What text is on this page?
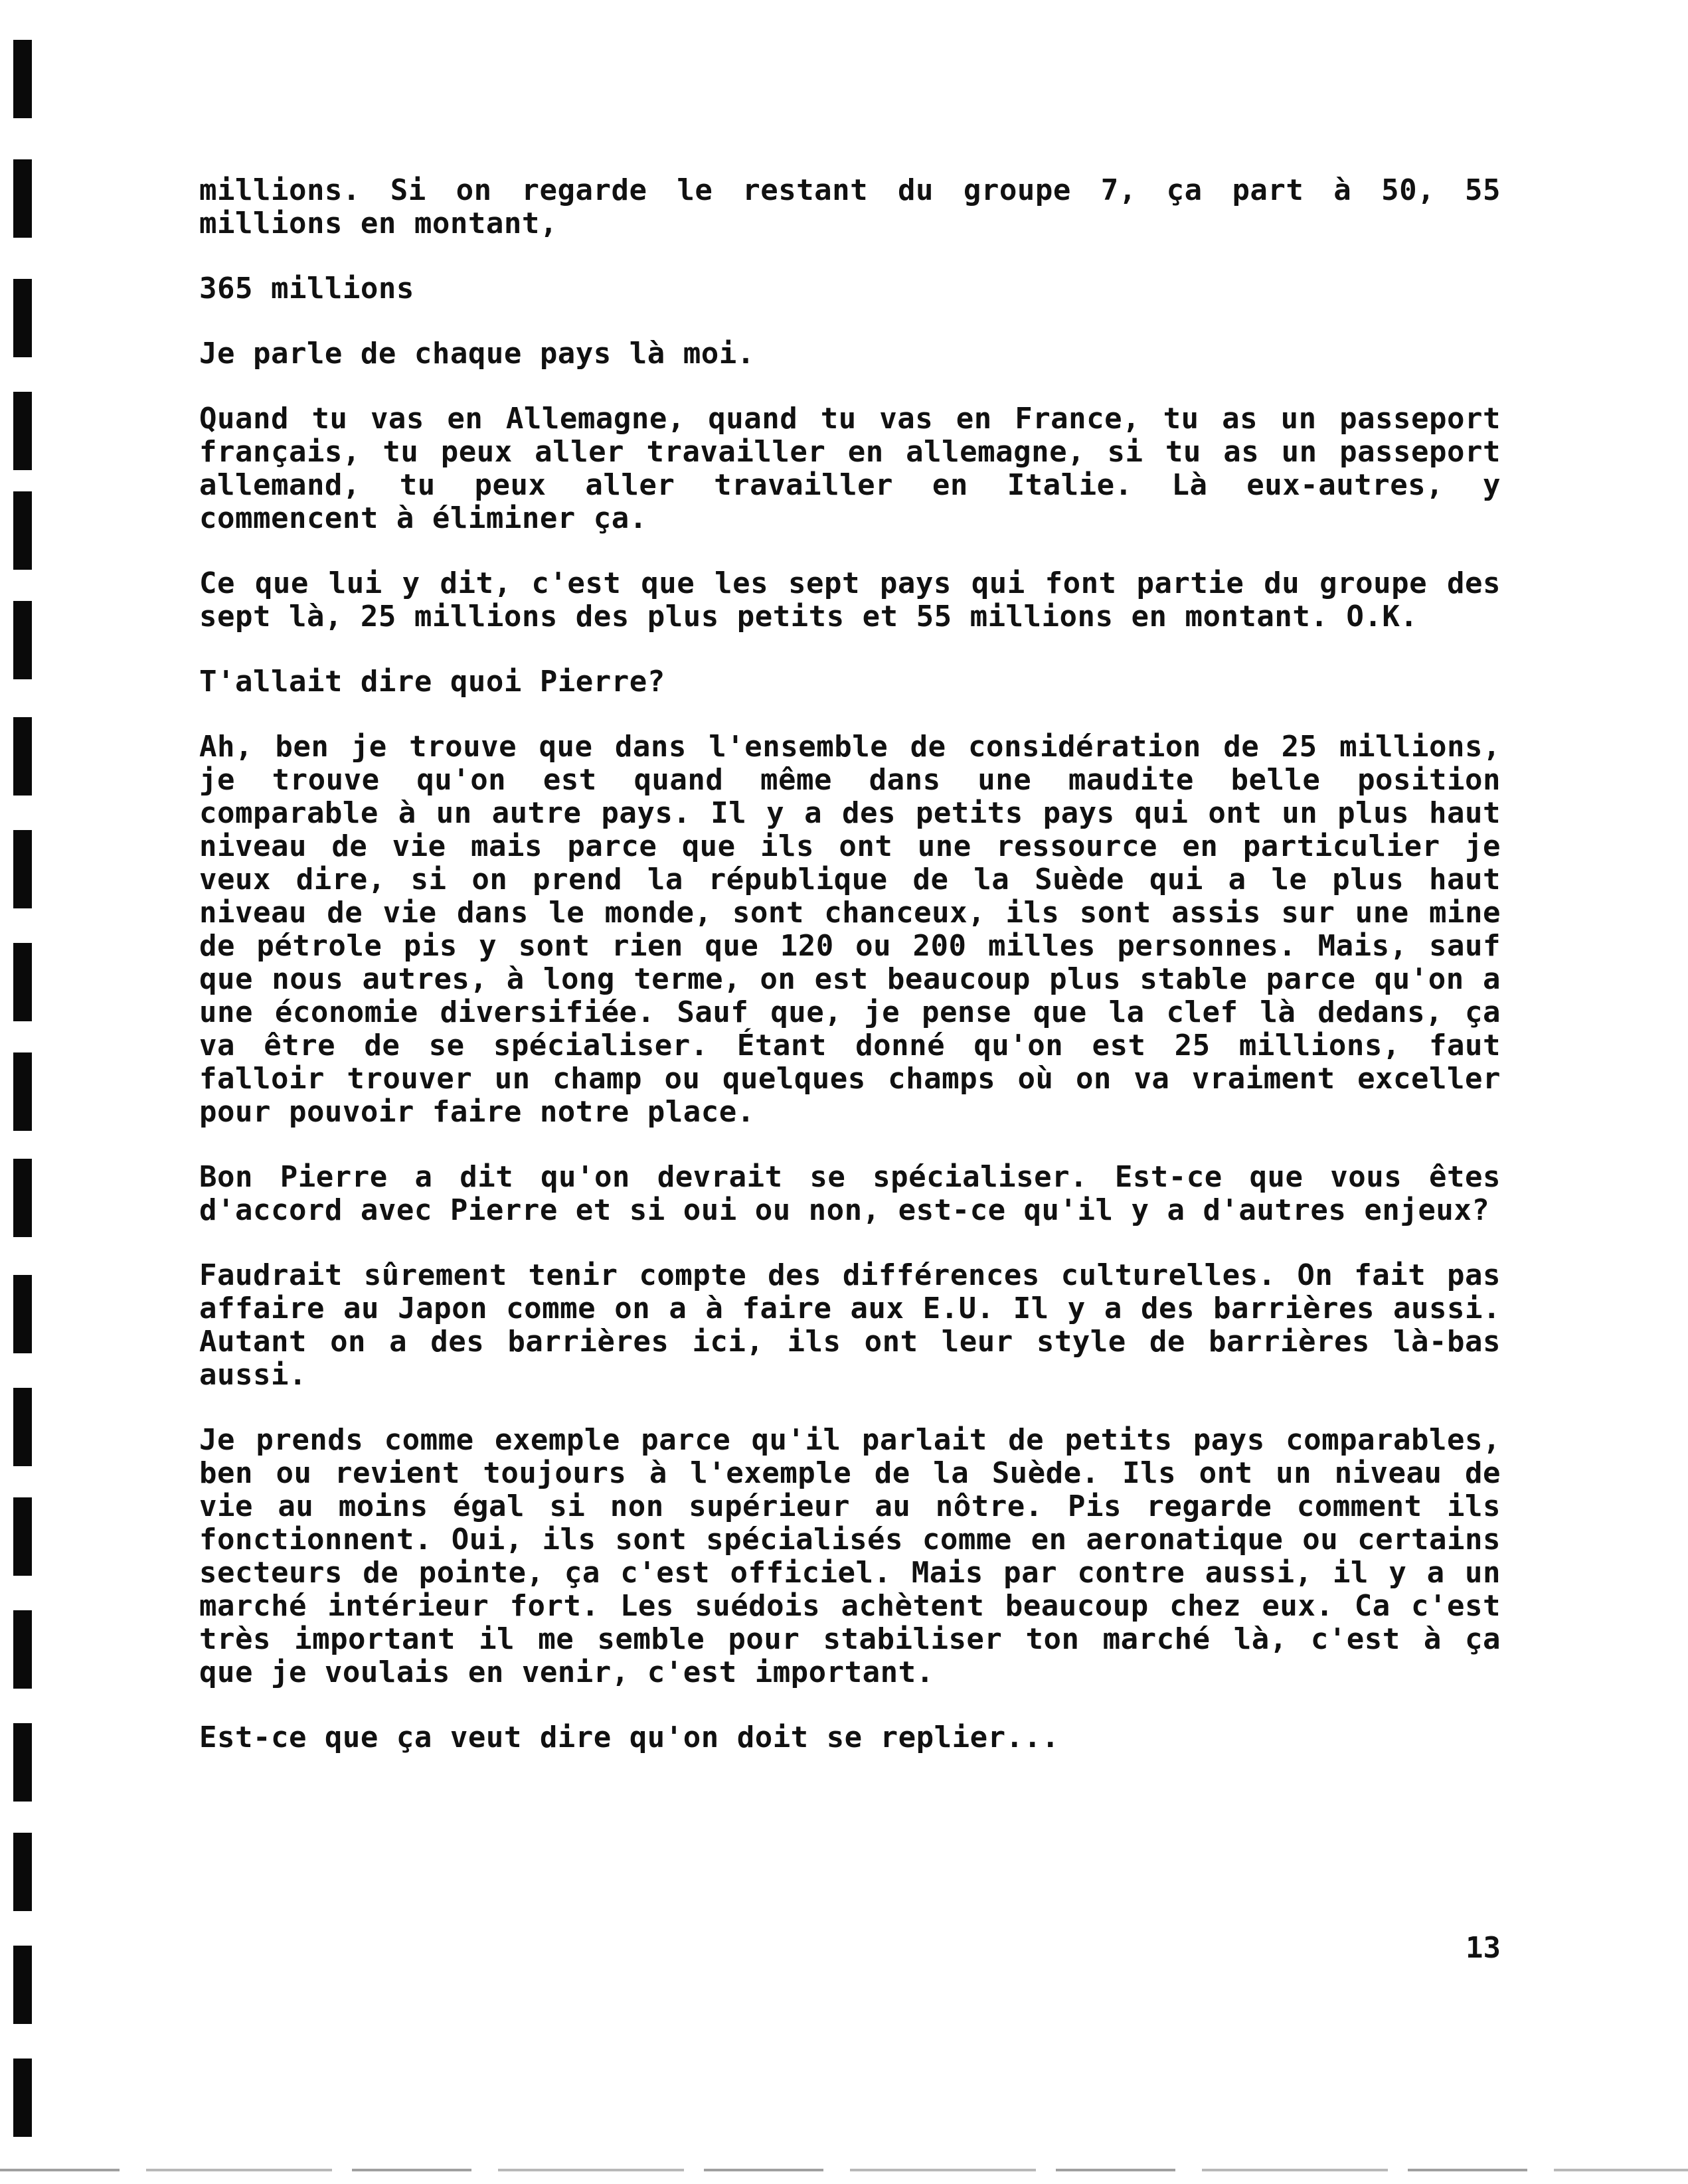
millions. Si on regarde le restant du groupe 7, ça part à 50, 55 millions en montant,

365 millions

Je parle de chaque pays là moi.

Quand tu vas en Allemagne, quand tu vas en France, tu as un passeport français, tu peux aller travailler en allemagne, si tu as un passeport allemand, tu peux aller travailler en Italie. Là eux-autres, y commencent à éliminer ça.

Ce que lui y dit, c'est que les sept pays qui font partie du groupe des sept là, 25 millions des plus petits et 55 millions en montant. O.K.

T'allait dire quoi Pierre?

Ah, ben je trouve que dans l'ensemble de considération de 25 millions, je trouve qu'on est quand même dans une maudite belle position comparable à un autre pays. Il y a des petits pays qui ont un plus haut niveau de vie mais parce que ils ont une ressource en particulier je veux dire, si on prend la république de la Suède qui a le plus haut niveau de vie dans le monde, sont chanceux, ils sont assis sur une mine de pétrole pis y sont rien que 120 ou 200 milles personnes. Mais, sauf que nous autres, à long terme, on est beaucoup plus stable parce qu'on a une économie diversifiée. Sauf que, je pense que la clef là dedans, ça va être de se spécialiser. Étant donné qu'on est 25 millions, faut falloir trouver un champ ou quelques champs où on va vraiment exceller pour pouvoir faire notre place.

Bon Pierre a dit qu'on devrait se spécialiser. Est-ce que vous êtes d'accord avec Pierre et si oui ou non, est-ce qu'il y a d'autres enjeux?

Faudrait sûrement tenir compte des différences culturelles. On fait pas affaire au Japon comme on a à faire aux E.U. Il y a des barrières aussi. Autant on a des barrières ici, ils ont leur style de barrières là-bas aussi.

Je prends comme exemple parce qu'il parlait de petits pays comparables, ben ou revient toujours à l'exemple de la Suède. Ils ont un niveau de vie au moins égal si non supérieur au nôtre. Pis regarde comment ils fonctionnent. Oui, ils sont spécialisés comme en aeronatique ou certains secteurs de pointe, ça c'est officiel. Mais par contre aussi, il y a un marché intérieur fort. Les suédois achètent beaucoup chez eux. Ca c'est très important il me semble pour stabiliser ton marché là, c'est à ça que je voulais en venir, c'est important.

Est-ce que ça veut dire qu'on doit se replier...

13
